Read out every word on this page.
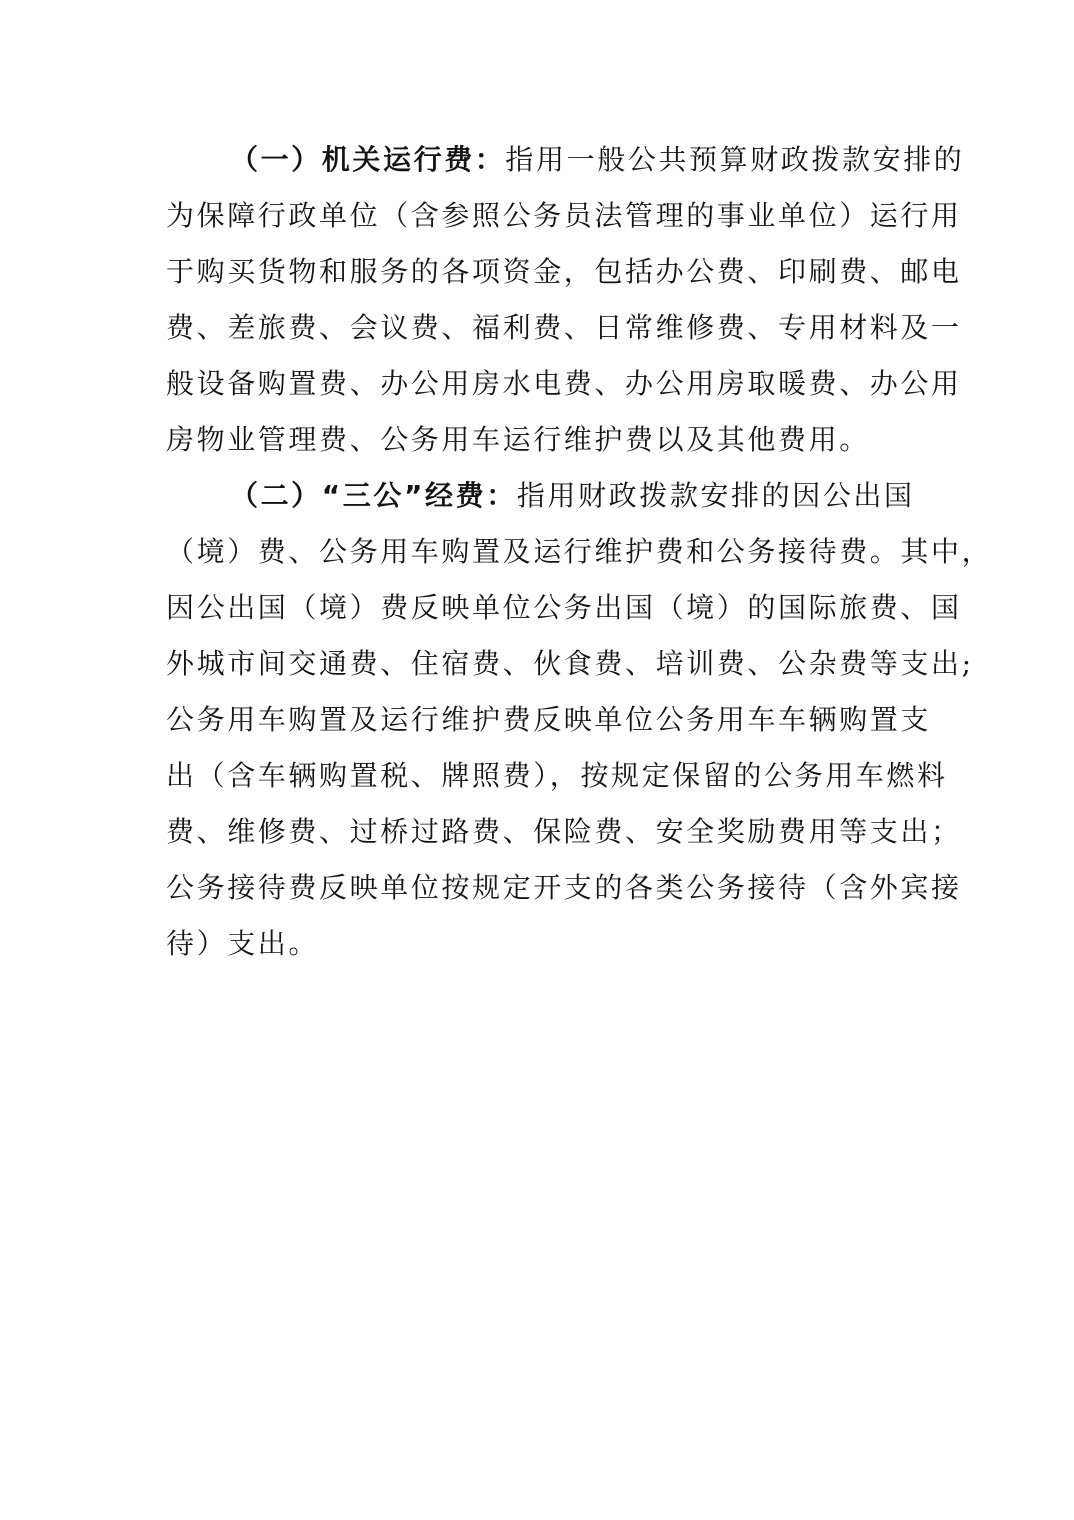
（一）机关运行费：指用一般公共预算财政拨款安排的
为保障行政单位（含参照公务员法管理的事业单位）运行用
于购买货物和服务的各项资金，包括办公费、印刷费、邮电
费、差旅费、会议费、福利费、日常维修费、专用材料及一
般设备购置费、办公用房水电费、办公用房取暖费、办公用
房物业管理费、公务用车运行维护费以及其他费用。

（二）“三公”经费：指用财政拨款安排的因公出国
（境）费、公务用车购置及运行维护费和公务接待费。其中，
因公出国（境）费反映单位公务出国（境）的国际旅费、国
外城市间交通费、住宿费、伙食费、培训费、公杂费等支出;
公务用车购置及运行维护费反映单位公务用车车辆购置支
出（含车辆购置税、牌照费），按规定保留的公务用车燃料
费、维修费、过桥过路费、保险费、安全奖励费用等支出；
公务接待费反映单位按规定开支的各类公务接待（含外宾接
待）支出。
